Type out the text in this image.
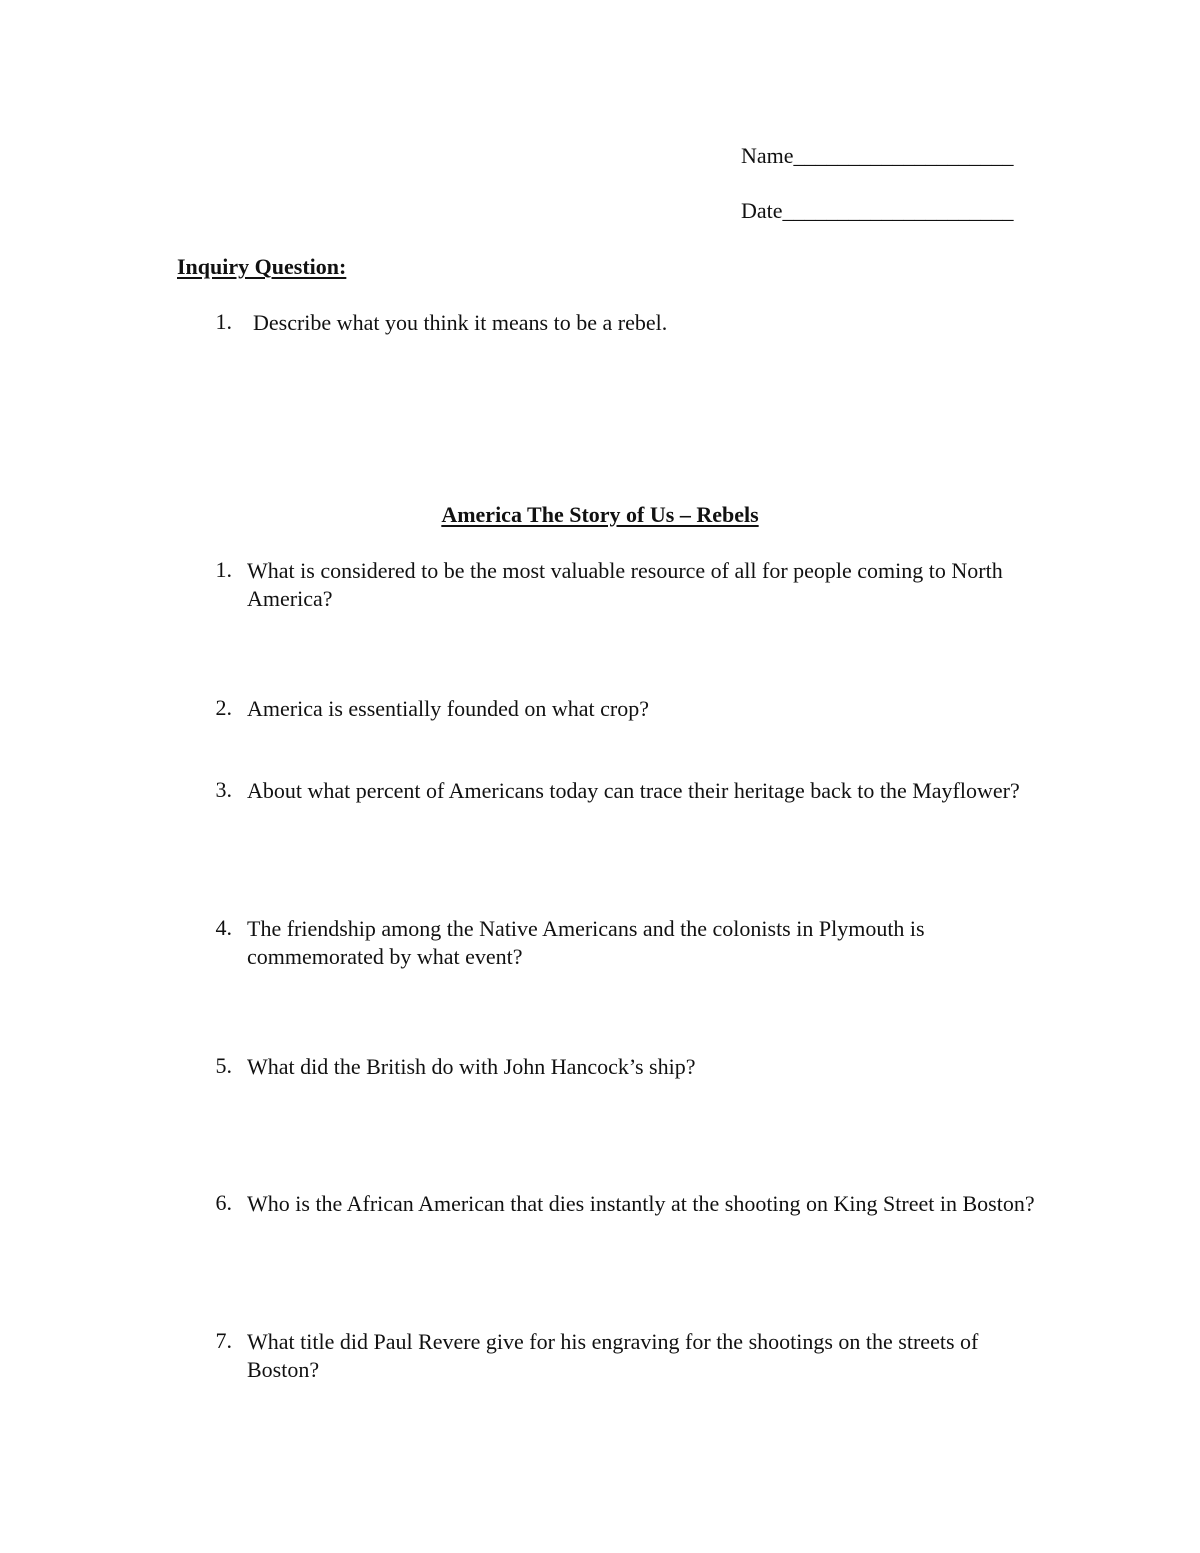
Name____________________
Date_____________________
Inquiry Question:
1. Describe what you think it means to be a rebel.
America The Story of Us – Rebels
1. What is considered to be the most valuable resource of all for people coming to North America?
2. America is essentially founded on what crop?
3. About what percent of Americans today can trace their heritage back to the Mayflower?
4. The friendship among the Native Americans and the colonists in Plymouth is commemorated by what event?
5. What did the British do with John Hancock’s ship?
6. Who is the African American that dies instantly at the shooting on King Street in Boston?
7. What title did Paul Revere give for his engraving for the shootings on the streets of Boston?
